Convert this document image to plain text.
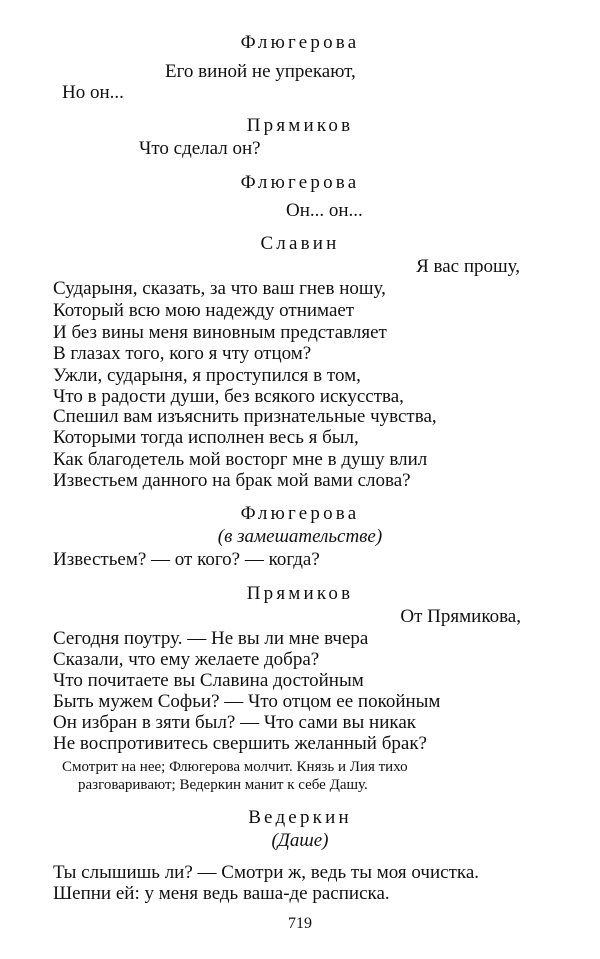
Флюгерова
Его виной не упрекают,
Но он...
Прямиков
Что сделал он?
Флюгерова
Он... он...
Славин
Я вас прошу,
Сударыня, сказать, за что ваш гнев ношу,
Который всю мою надежду отнимает
И без вины меня виновным представляет
В глазах того, кого я чту отцом?
Ужли, сударыня, я проступился в том,
Что в радости души, без всякого искусства,
Спешил вам изъяснить признательные чувства,
Которыми тогда исполнен весь я был,
Как благодетель мой восторг мне в душу влил
Известьем данного на брак мой вами слова?
Флюгерова
(в замешательстве)
Известьем? — от кого? — когда?
Прямиков
От Прямикова,
Сегодня поутру. — Не вы ли мне вчера
Сказали, что ему желаете добра?
Что почитаете вы Славина достойным
Быть мужем Софьи? — Что отцом ее покойным
Он избран в зяти был? — Что сами вы никак
Не воспротивитесь свершить желанный брак?
Смотрит на нее; Флюгерова молчит. Князь и Лия тихо
разговаривают; Ведеркин манит к себе Дашу.
Ведеркин
(Даше)
Ты слышишь ли? — Смотри ж, ведь ты моя очистка.
Шепни ей: у меня ведь ваша-де расписка.
719
